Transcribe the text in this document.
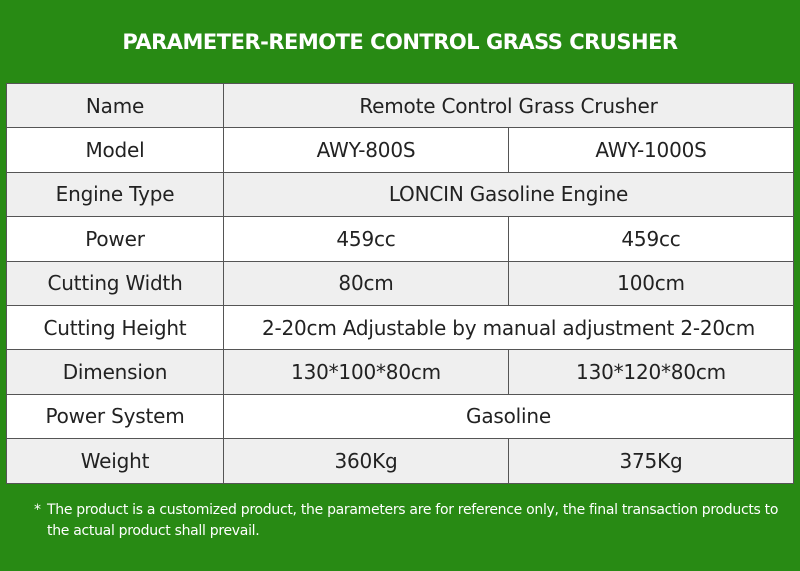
PARAMETER-REMOTE CONTROL GRASS CRUSHER
Name	Remote Control Grass Crusher	
Model	AWY-800S	AWY-1000S
Engine Type	LONCIN Gasoline Engine	
Power	459cc	459cc
Cutting Width	80cm	100cm
Cutting Height	2-20cm Adjustable by manual adjustment 2-20cm	
Dimension	130*100*80cm	130*120*80cm
Power System	Gasoline	
Weight	360Kg	375Kg
* The product is a customized product, the parameters are for reference only, the final transaction products to the actual product shall prevail.
